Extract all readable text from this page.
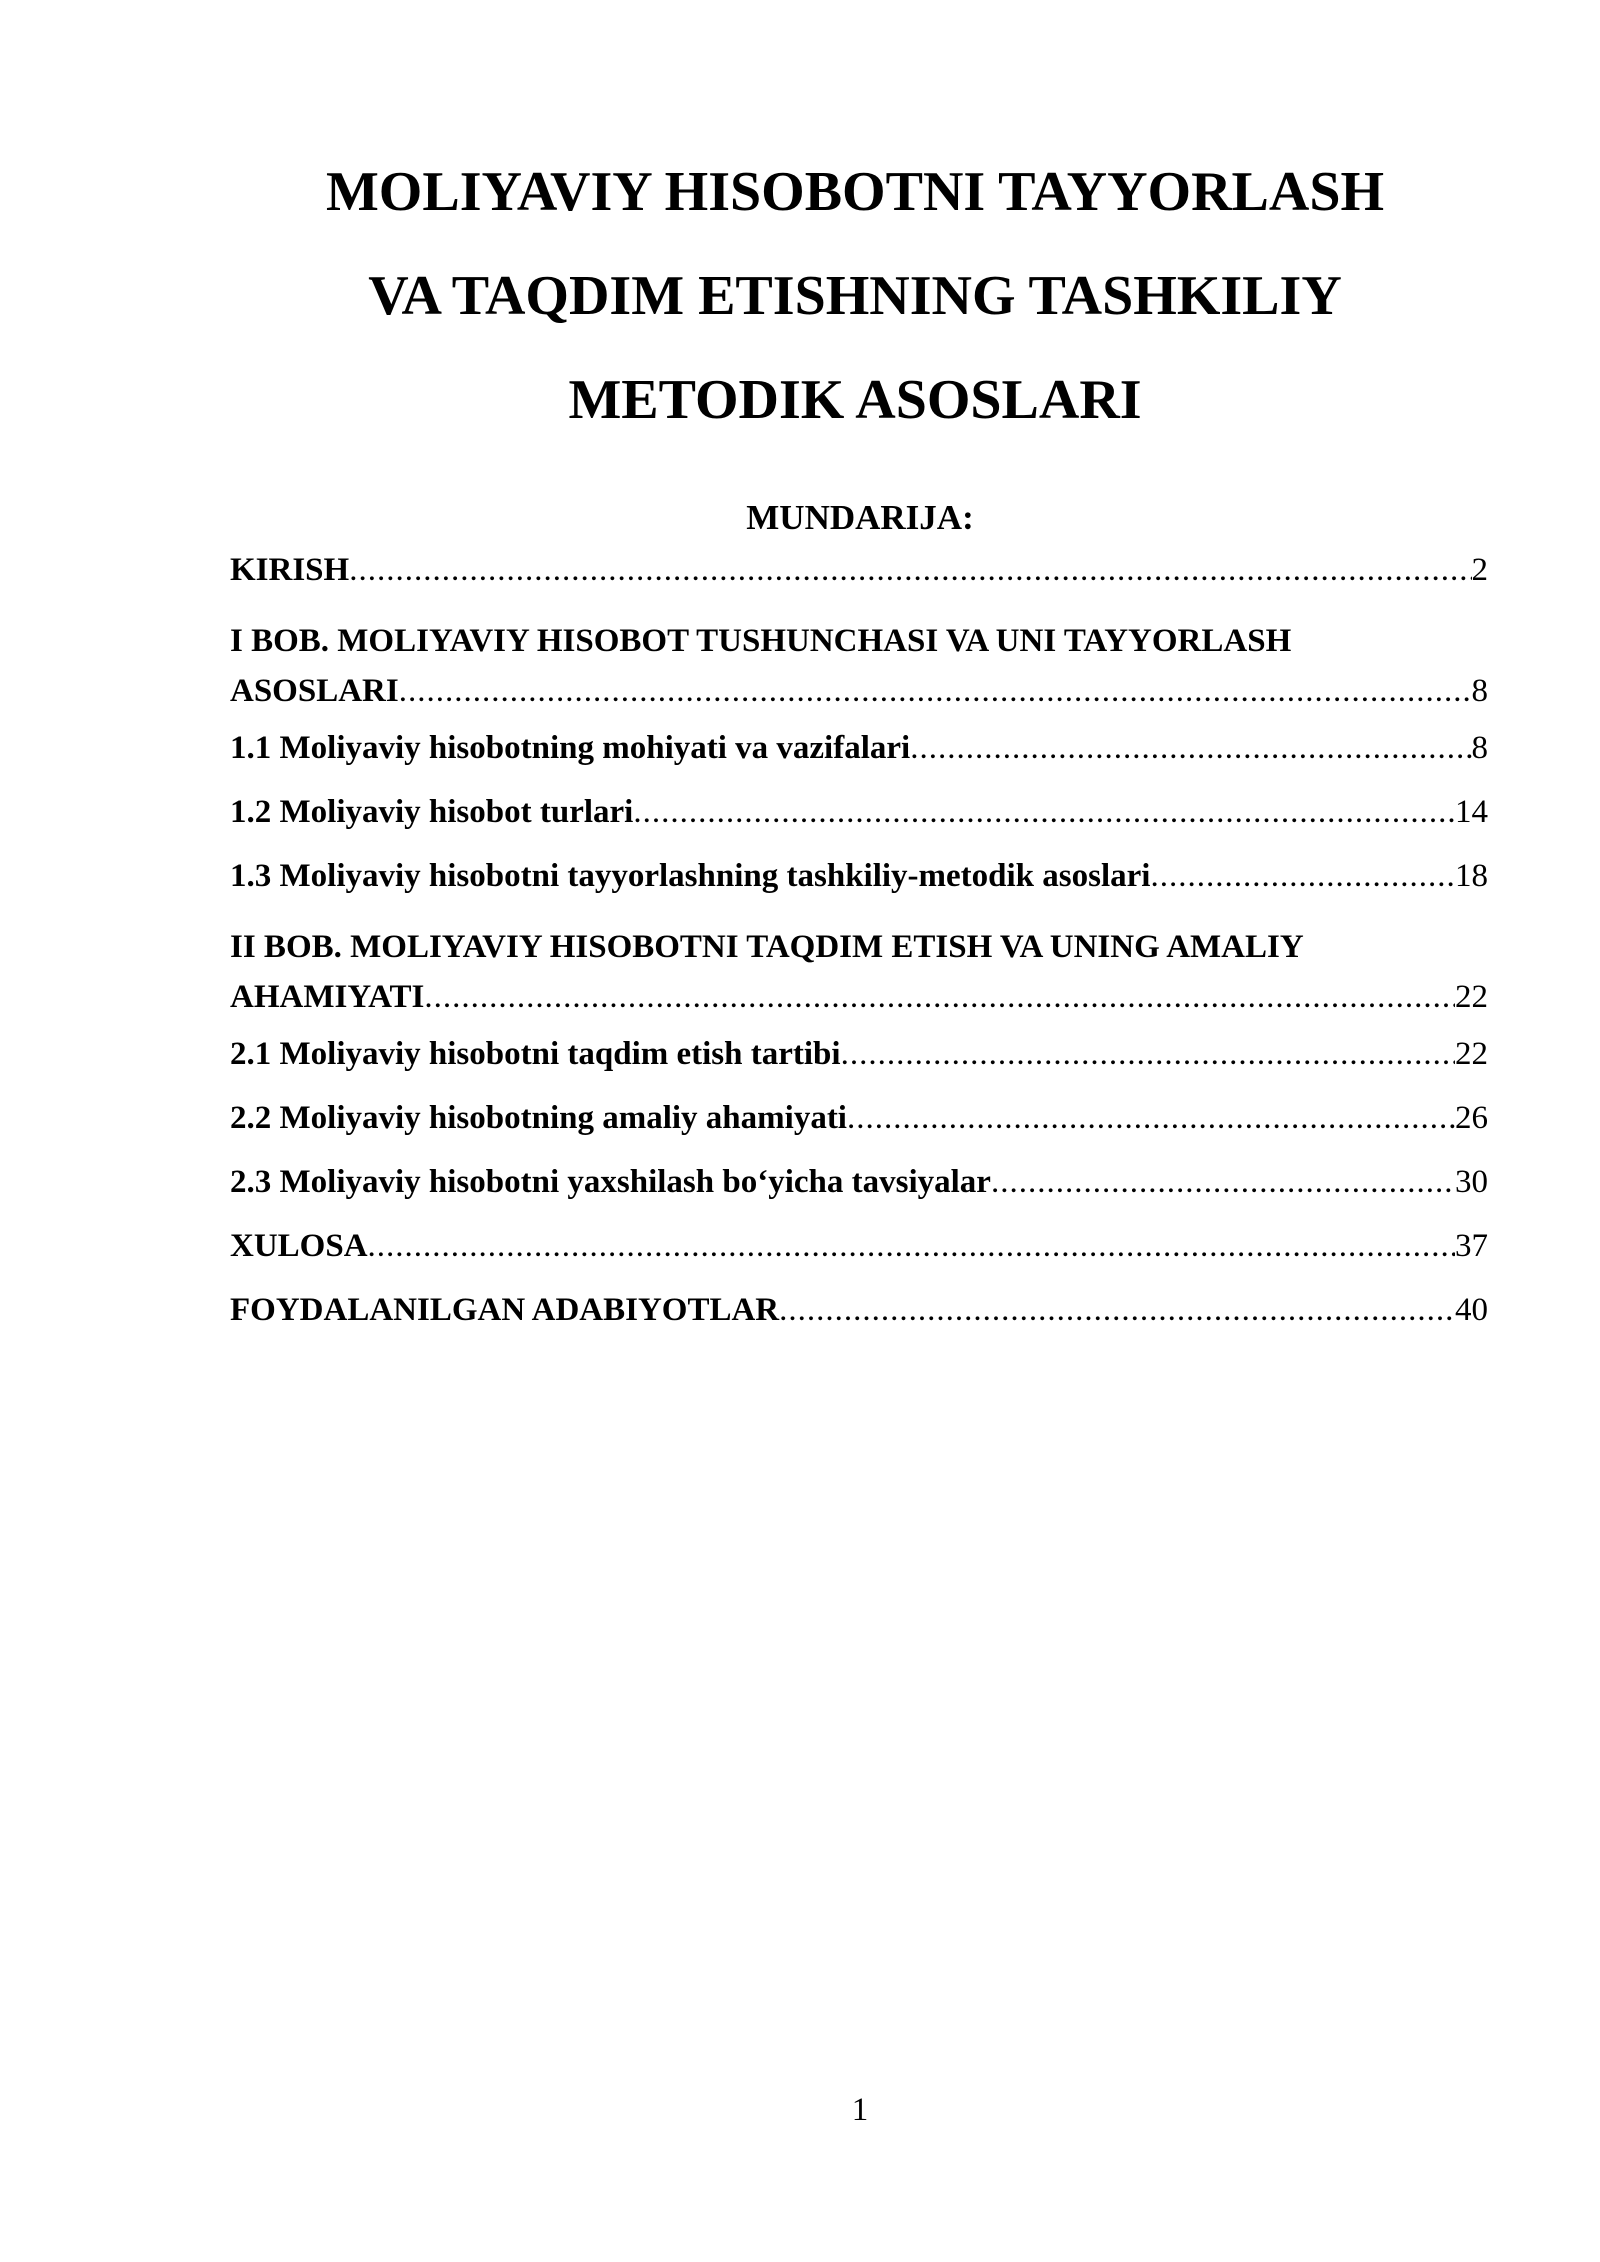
MOLIYAVIY HISOBOTNI TAYYORLASH
VA TAQDIM ETISHNING TASHKILIY
METODIK ASOSLARI
MUNDARIJA:
KIRISH .....	2
I BOB. MOLIYAVIY HISOBOT TUSHUNCHASI VA UNI TAYYORLASH
ASOSLARI .....	8
1.1 Moliyaviy hisobotning mohiyati va vazifalari .....	8
1.2 Moliyaviy hisobot turlari .....	14
1.3 Moliyaviy hisobotni tayyorlashning tashkiliy-metodik asoslari .....	18
II BOB. MOLIYAVIY HISOBOTNI TAQDIM ETISH VA UNING AMALIY
AHAMIYATI .....	22
2.1 Moliyaviy hisobotni taqdim etish tartibi .....	22
2.2 Moliyaviy hisobotning amaliy ahamiyati .....	26
2.3 Moliyaviy hisobotni yaxshilash bo‘yicha tavsiyalar .....	30
XULOSA .....	37
FOYDALANILGAN ADABIYOTLAR .....	40
1
